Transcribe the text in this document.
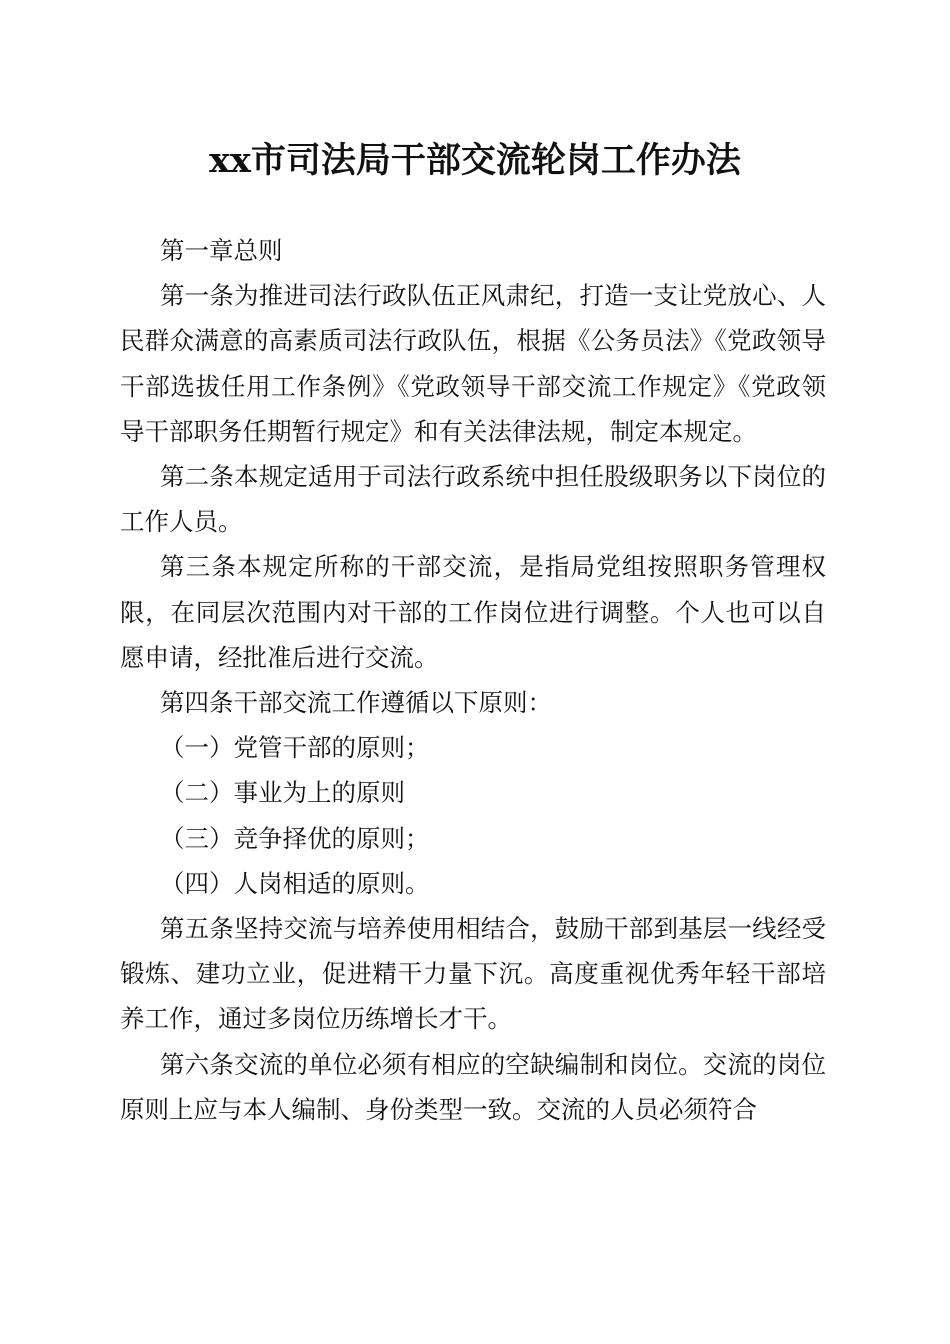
xx市司法局干部交流轮岗工作办法

第一章总则

第一条为推进司法行政队伍正风肃纪，打造一支让党放心、人民群众满意的高素质司法行政队伍，根据《公务员法》《党政领导干部选拔任用工作条例》《党政领导干部交流工作规定》《党政领导干部职务任期暂行规定》和有关法律法规，制定本规定。

第二条本规定适用于司法行政系统中担任股级职务以下岗位的工作人员。

第三条本规定所称的干部交流，是指局党组按照职务管理权限，在同层次范围内对干部的工作岗位进行调整。个人也可以自愿申请，经批准后进行交流。

第四条干部交流工作遵循以下原则：

（一）党管干部的原则；

（二）事业为上的原则

（三）竞争择优的原则；

（四）人岗相适的原则。

第五条坚持交流与培养使用相结合，鼓励干部到基层一线经受锻炼、建功立业，促进精干力量下沉。高度重视优秀年轻干部培养工作，通过多岗位历练增长才干。

第六条交流的单位必须有相应的空缺编制和岗位。交流的岗位原则上应与本人编制、身份类型一致。交流的人员必须符合
